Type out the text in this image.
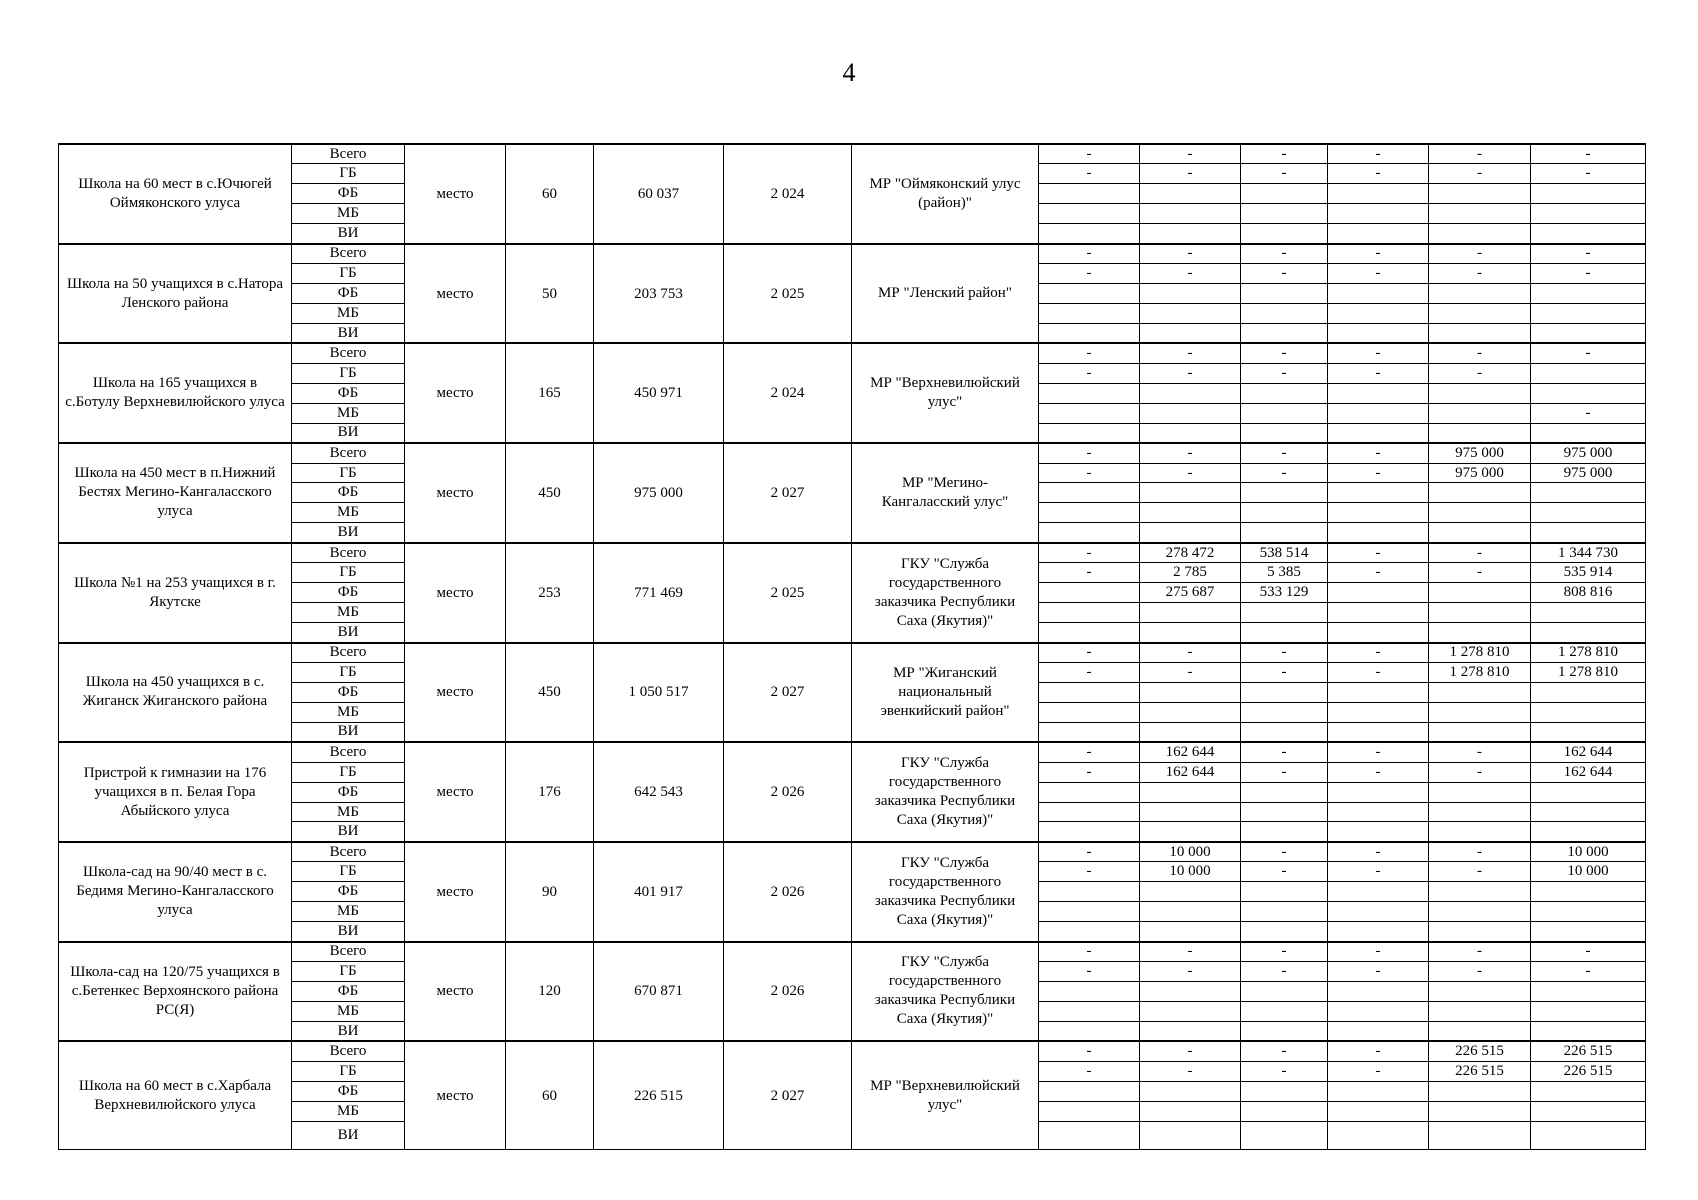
4
Школа на 60 мест в с.Ючюгей Оймяконского улуса	Всего	место	60	60 037	2 024	МР "Оймяконский улус (район)"	-	-	-	-	-	-
	ГБ						-	-	-	-	-	-
	ФБ											
	МБ											
	ВИ											
Школа на 50 учащихся в с.Натора Ленского района	Всего	место	50	203 753	2 025	МР "Ленский район"	-	-	-	-	-	-
	ГБ						-	-	-	-	-	-
	ФБ											
	МБ											
	ВИ											
Школа на 165 учащихся в с.Ботулу Верхневилюйского улуса	Всего	место	165	450 971	2 024	МР "Верхневилюйский улус"	-	-	-	-	-	-
	ГБ						-	-	-	-	-	
	ФБ											
	МБ											-
	ВИ											
Школа на 450 мест в п.Нижний Бестях Мегино-Кангаласского улуса	Всего	место	450	975 000	2 027	МР "Мегино-Кангаласский улус"	-	-	-	-	975 000	975 000
	ГБ						-	-	-	-	975 000	975 000
	ФБ											
	МБ											
	ВИ											
Школа №1 на 253 учащихся в г. Якутске	Всего	место	253	771 469	2 025	ГКУ "Служба государственного заказчика Республики Саха (Якутия)"	-	278 472	538 514	-	-	1 344 730
	ГБ						-	2 785	5 385	-	-	535 914
	ФБ							275 687	533 129			808 816
	МБ											
	ВИ											
Школа на 450 учащихся в с. Жиганск Жиганского района	Всего	место	450	1 050 517	2 027	МР "Жиганский национальный эвенкийский район"	-	-	-	-	1 278 810	1 278 810
	ГБ						-	-	-	-	1 278 810	1 278 810
	ФБ											
	МБ											
	ВИ											
Пристрой к гимназии на 176 учащихся в п. Белая Гора Абыйского улуса	Всего	место	176	642 543	2 026	ГКУ "Служба государственного заказчика Республики Саха (Якутия)"	-	162 644	-	-	-	162 644
	ГБ						-	162 644	-	-	-	162 644
	ФБ											
	МБ											
	ВИ											
Школа-сад на 90/40 мест в с. Бедимя Мегино-Кангаласского улуса	Всего	место	90	401 917	2 026	ГКУ "Служба государственного заказчика Республики Саха (Якутия)"	-	10 000	-	-	-	10 000
	ГБ						-	10 000	-	-	-	10 000
	ФБ											
	МБ											
	ВИ											
Школа-сад на 120/75 учащихся в с.Бетенкес Верхоянского района РС(Я)	Всего	место	120	670 871	2 026	ГКУ "Служба государственного заказчика Республики Саха (Якутия)"	-	-	-	-	-	-
	ГБ						-	-	-	-	-	-
	ФБ											
	МБ											
	ВИ											
Школа на 60 мест в с.Харбала Верхневилюйского улуса	Всего	место	60	226 515	2 027	МР "Верхневилюйский улус"	-	-	-	-	226 515	226 515
	ГБ						-	-	-	-	226 515	226 515
	ФБ											
	МБ											
	ВИ											
